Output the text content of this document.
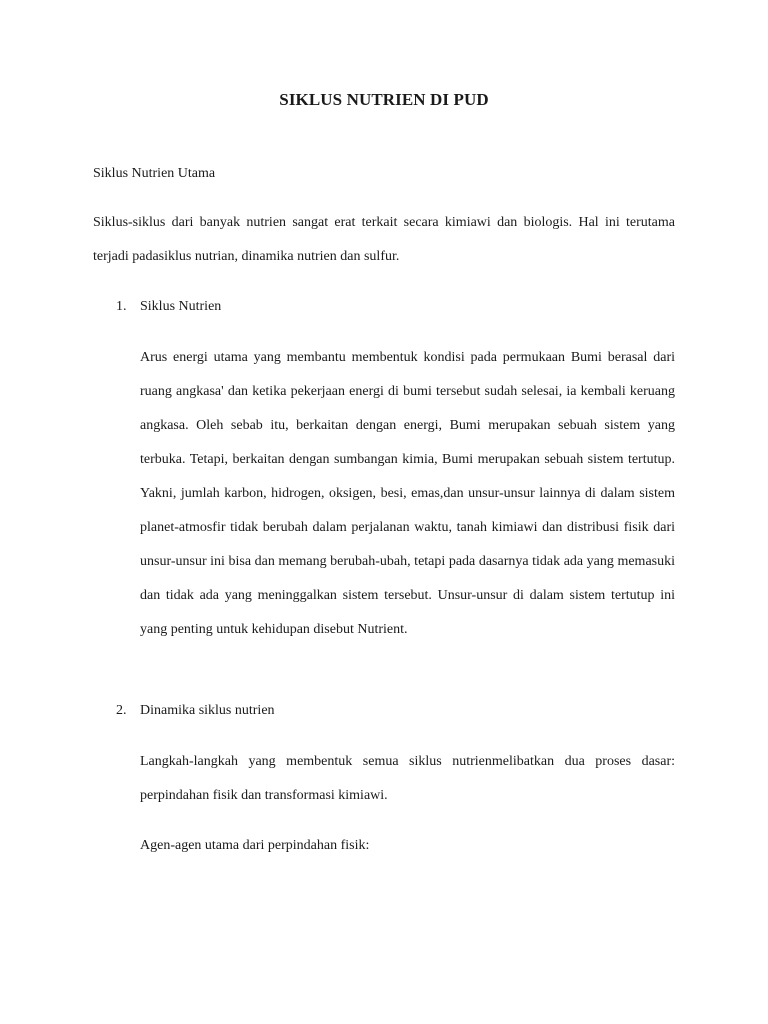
SIKLUS NUTRIEN DI PUD

Siklus Nutrien Utama

Siklus-siklus dari banyak nutrien sangat erat terkait secara kimiawi dan biologis. Hal ini terutama terjadi padasiklus nutrian, dinamika nutrien dan sulfur.

1. Siklus Nutrien

Arus energi utama yang membantu membentuk kondisi pada permukaan Bumi berasal dari ruang angkasa' dan ketika pekerjaan energi di bumi tersebut sudah selesai, ia kembali keruang angkasa. Oleh sebab itu, berkaitan dengan energi, Bumi merupakan sebuah sistem yang terbuka. Tetapi, berkaitan dengan sumbangan kimia, Bumi merupakan sebuah sistem tertutup. Yakni, jumlah karbon, hidrogen, oksigen, besi, emas,dan unsur-unsur lainnya di dalam sistem planet-atmosfir tidak berubah dalam perjalanan waktu, tanah kimiawi dan distribusi fisik dari unsur-unsur ini bisa dan memang berubah-ubah, tetapi pada dasarnya tidak ada yang memasuki dan tidak ada yang meninggalkan sistem tersebut. Unsur-unsur di dalam sistem tertutup ini yang penting untuk kehidupan disebut Nutrient.

2. Dinamika siklus nutrien

Langkah-langkah yang membentuk semua siklus nutrienmelibatkan dua proses dasar: perpindahan fisik dan transformasi kimiawi.

Agen-agen utama dari perpindahan fisik:
